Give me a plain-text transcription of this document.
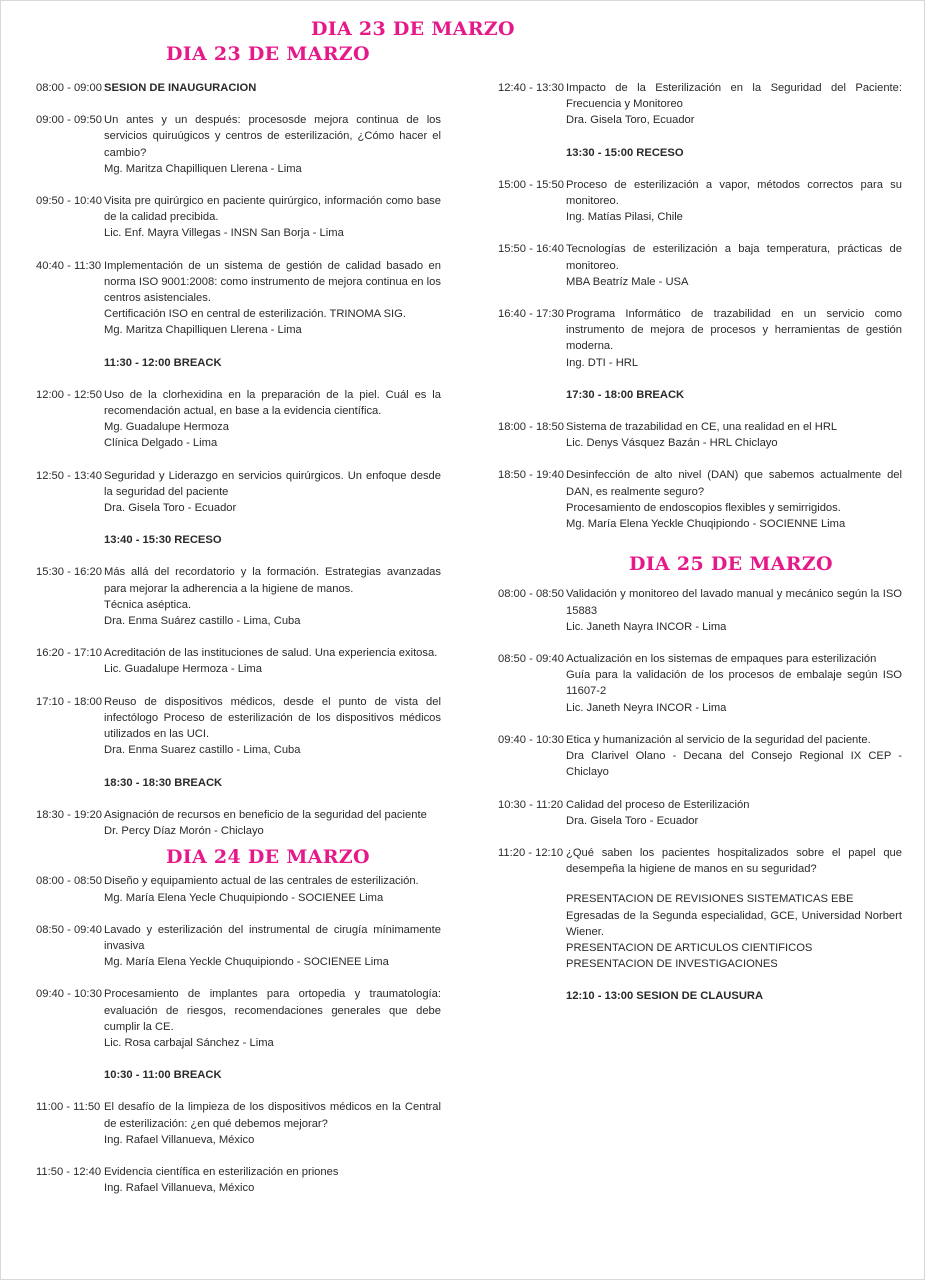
DIA 23 DE MARZO
DIA 23 DE MARZO
08:00 - 09:00 SESION DE INAUGURACION
09:00 - 09:50 Un antes y un después: procesosde mejora continua de los servicios quiruúgicos y centros de esterilización, ¿Cómo hacer el cambio?
Mg. Maritza Chapilliquen Llerena - Lima
09:50 - 10:40 Visita pre quirúrgico en paciente quirúrgico, información como base de la calidad precibida.
Lic. Enf. Mayra Villegas - INSN San Borja - Lima
40:40 - 11:30 Implementación de un sistema de gestión de calidad basado en norma ISO 9001:2008: como instrumento de mejora continua en los centros asistenciales.
Certificación ISO en central de esterilización. TRINOMA SIG.
Mg. Maritza Chapilliquen Llerena - Lima
11:30 - 12:00 BREACK
12:00 - 12:50 Uso de la clorhexidina en la preparación de la piel. Cuál es la recomendación actual, en base a la evidencia científica.
Mg. Guadalupe Hermoza
Clínica Delgado - Lima
12:50 - 13:40 Seguridad y Liderazgo en servicios quirúrgicos. Un enfoque desde la seguridad del paciente
Dra. Gisela Toro - Ecuador
13:40 - 15:30 RECESO
15:30 - 16:20 Más allá del recordatorio y la formación. Estrategias avanzadas para mejorar la adherencia a la higiene de manos.
Técnica aséptica.
Dra. Enma Suárez castillo - Lima, Cuba
16:20 - 17:10 Acreditación de las instituciones de salud. Una experiencia exitosa.
Lic. Guadalupe Hermoza - Lima
17:10 - 18:00 Reuso de dispositivos médicos, desde el punto de vista del infectólogo Proceso de esterilización de los dispositivos médicos utilizados en las UCI.
Dra. Enma Suarez castillo - Lima, Cuba
18:30 - 18:30 BREACK
18:30 - 19:20 Asignación de recursos en beneficio de la seguridad del paciente
Dr. Percy Díaz Morón - Chiclayo
DIA 24 DE MARZO
08:00 - 08:50 Diseño y equipamiento actual de las centrales de esterilización.
Mg. María Elena Yecle Chuquipiondo - SOCIENEE Lima
08:50 - 09:40 Lavado y esterilización del instrumental de cirugía mínimamente invasiva
Mg. María Elena Yeckle Chuquipiondo - SOCIENEE Lima
09:40 - 10:30 Procesamiento de implantes para ortopedia y traumatología: evaluación de riesgos, recomendaciones generales que debe cumplir la CE.
Lic. Rosa carbajal Sánchez - Lima
10:30 - 11:00 BREACK
11:00 - 11:50 El desafío de la limpieza de los dispositivos médicos en la Central de esterilización: ¿en qué debemos mejorar?
Ing. Rafael Villanueva, México
11:50 - 12:40 Evidencia científica en esterilización en priones
Ing. Rafael Villanueva, México
12:40 - 13:30 Impacto de la Esterilización en la Seguridad del Paciente: Frecuencia y Monitoreo
Dra. Gisela Toro, Ecuador
13:30 - 15:00 RECESO
15:00 - 15:50 Proceso de esterilización a vapor, métodos correctos para su monitoreo.
Ing. Matías Pilasi, Chile
15:50 - 16:40 Tecnologías de esterilización a baja temperatura, prácticas de monitoreo.
MBA Beatríz Male - USA
16:40 - 17:30 Programa Informático de trazabilidad en un servicio como instrumento de mejora de procesos y herramientas de gestión moderna.
Ing. DTI - HRL
17:30 - 18:00 BREACK
18:00 - 18:50 Sistema de trazabilidad en CE, una realidad en el HRL
Lic. Denys Vásquez Bazán - HRL Chiclayo
18:50 - 19:40 Desinfección de alto nivel (DAN) que sabemos actualmente del DAN, es realmente seguro?
Procesamiento de endoscopios flexibles y semirrigidos.
Mg. María Elena Yeckle Chuqipiondo - SOCIENNE Lima
DIA 25 DE MARZO
08:00 - 08:50 Validación y monitoreo del lavado manual y mecánico según la ISO 15883
Lic. Janeth Nayra INCOR - Lima
08:50 - 09:40 Actualización en los sistemas de empaques para esterilización
Guía para la validación de los procesos de embalaje según ISO 11607-2
Lic. Janeth Neyra INCOR - Lima
09:40 - 10:30 Etica y humanización al servicio de la seguridad del paciente.
Dra Clarivel Olano - Decana del Consejo Regional IX CEP - Chiclayo
10:30 - 11:20 Calidad del proceso de Esterilización
Dra. Gisela Toro - Ecuador
11:20 - 12:10 ¿Qué saben los pacientes hospitalizados sobre el papel que desempeña la higiene de manos en su seguridad?
PRESENTACION DE REVISIONES SISTEMATICAS EBE
Egresadas de la Segunda especialidad, GCE, Universidad Norbert Wiener.
PRESENTACION DE ARTICULOS CIENTIFICOS
PRESENTACION DE INVESTIGACIONES
12:10 - 13:00 SESION DE CLAUSURA
